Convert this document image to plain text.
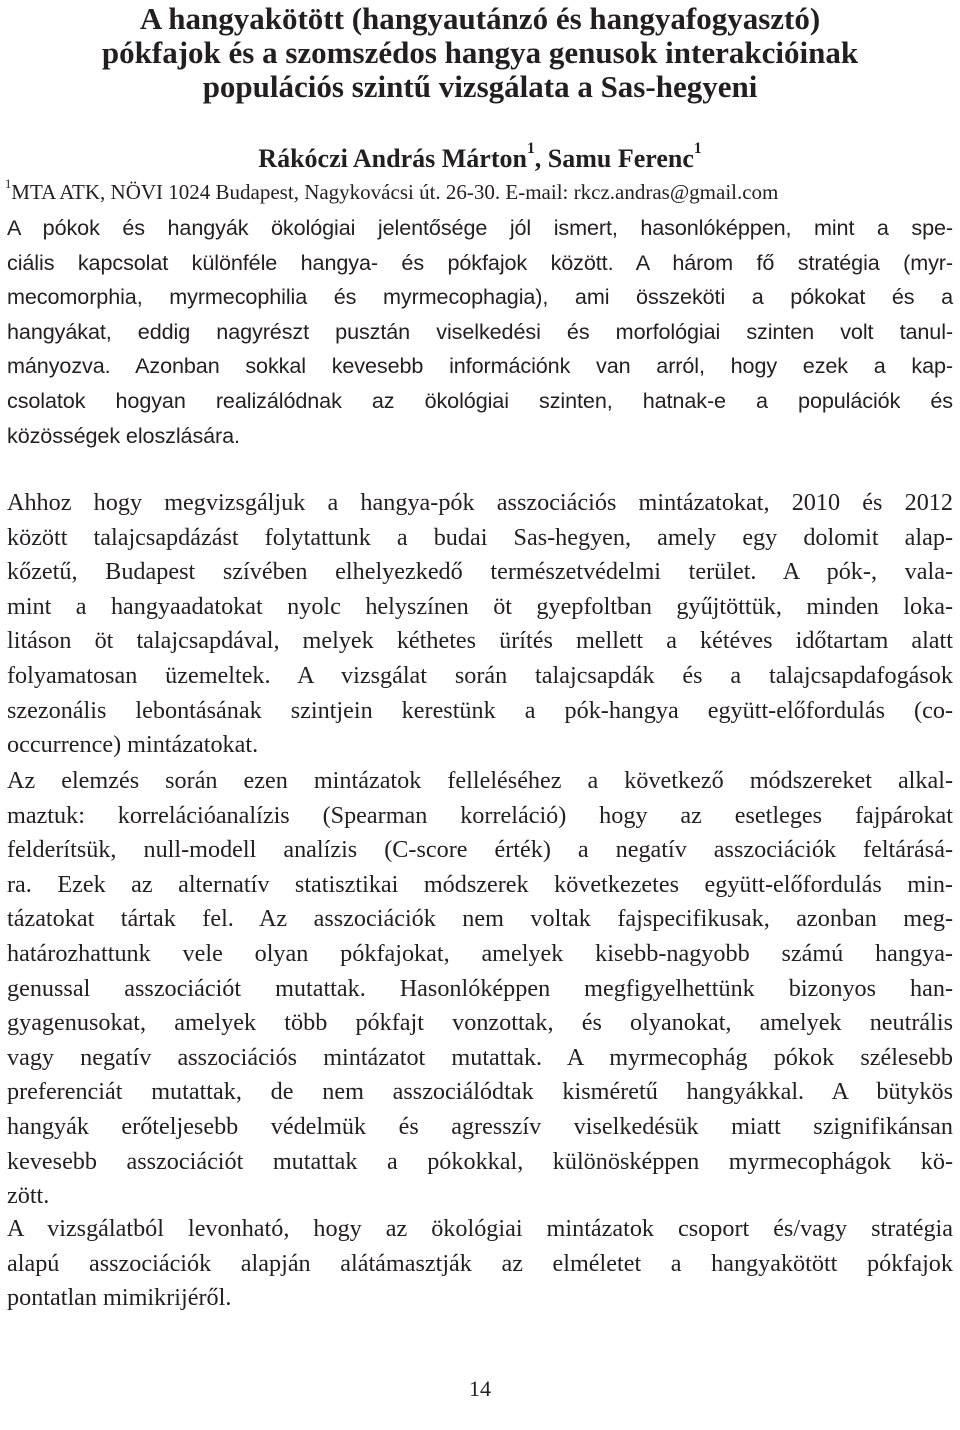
A hangyakötött (hangyautánzó és hangyafogyasztó)
pókfajok és a szomszédos hangya genusok interakcióinak
populációs szintű vizsgálata a Sas-hegyeni
Rákóczi András Márton$^1$, Samu Ferenc$^1$
$^1$MTA ATK, NÖVI 1024 Budapest, Nagykovácsi út. 26-30. E-mail: rkcz.andras@gmail.com
A pókok és hangyák ökológiai jelentősége jól ismert, hasonlóképpen, mint a spe-
ciális kapcsolat különféle hangya- és pókfajok között. A három fő stratégia (myr-
mecomorphia, myrmecophilia és myrmecophagia), ami összeköti a pókokat és a
hangyákat, eddig nagyrészt pusztán viselkedési és morfológiai szinten volt tanul-
mányozva. Azonban sokkal kevesebb információnk van arról, hogy ezek a kap-
csolatok hogyan realizálódnak az ökológiai szinten, hatnak-e a populációk és
közösségek eloszlására.
Ahhoz hogy megvizsgáljuk a hangya-pók asszociációs mintázatokat, 2010 és 2012
között talajcsapdázást folytattunk a budai Sas-hegyen, amely egy dolomit alap-
kőzetű, Budapest szívében elhelyezkedő természetvédelmi terület. A pók-, vala-
mint a hangyaadatokat nyolc helyszínen öt gyepfoltban gyűjtöttük, minden loka-
litáson öt talajcsapdával, melyek kéthetes ürítés mellett a kétéves időtartam alatt
folyamatosan üzemeltek. A vizsgálat során talajcsapdák és a talajcsapdafogások
szezonális lebontásának szintjein kerestünk a pók-hangya együtt-előfordulás (co-
occurrence) mintázatokat.
Az elemzés során ezen mintázatok felleléséhez a következő módszereket alkal-
maztuk: korrelációanalízis (Spearman korreláció) hogy az esetleges fajpárokat
felderítsük, null-modell analízis (C-score érték) a negatív asszociációk feltárásá-
ra. Ezek az alternatív statisztikai módszerek következetes együtt-előfordulás min-
tázatokat tártak fel. Az asszociációk nem voltak fajspecifikusak, azonban meg-
határozhattunk vele olyan pókfajokat, amelyek kisebb-nagyobb számú hangya-
genussal asszociációt mutattak. Hasonlóképpen megfigyelhettünk bizonyos han-
gyagenusokat, amelyek több pókfajt vonzottak, és olyanokat, amelyek neutrális
vagy negatív asszociációs mintázatot mutattak. A myrmecophág pókok szélesebb
preferenciát mutattak, de nem asszociálódtak kisméretű hangyákkal. A bütykös
hangyák erőteljesebb védelmük és agresszív viselkedésük miatt szignifikánsan
kevesebb asszociációt mutattak a pókokkal, különösképpen myrmecophágok kö-
zött.
A vizsgálatból levonható, hogy az ökológiai mintázatok csoport és/vagy stratégia
alapú asszociációk alapján alátámasztják az elméletet a hangyakötött pókfajok
pontatlan mimikrijéről.
14
